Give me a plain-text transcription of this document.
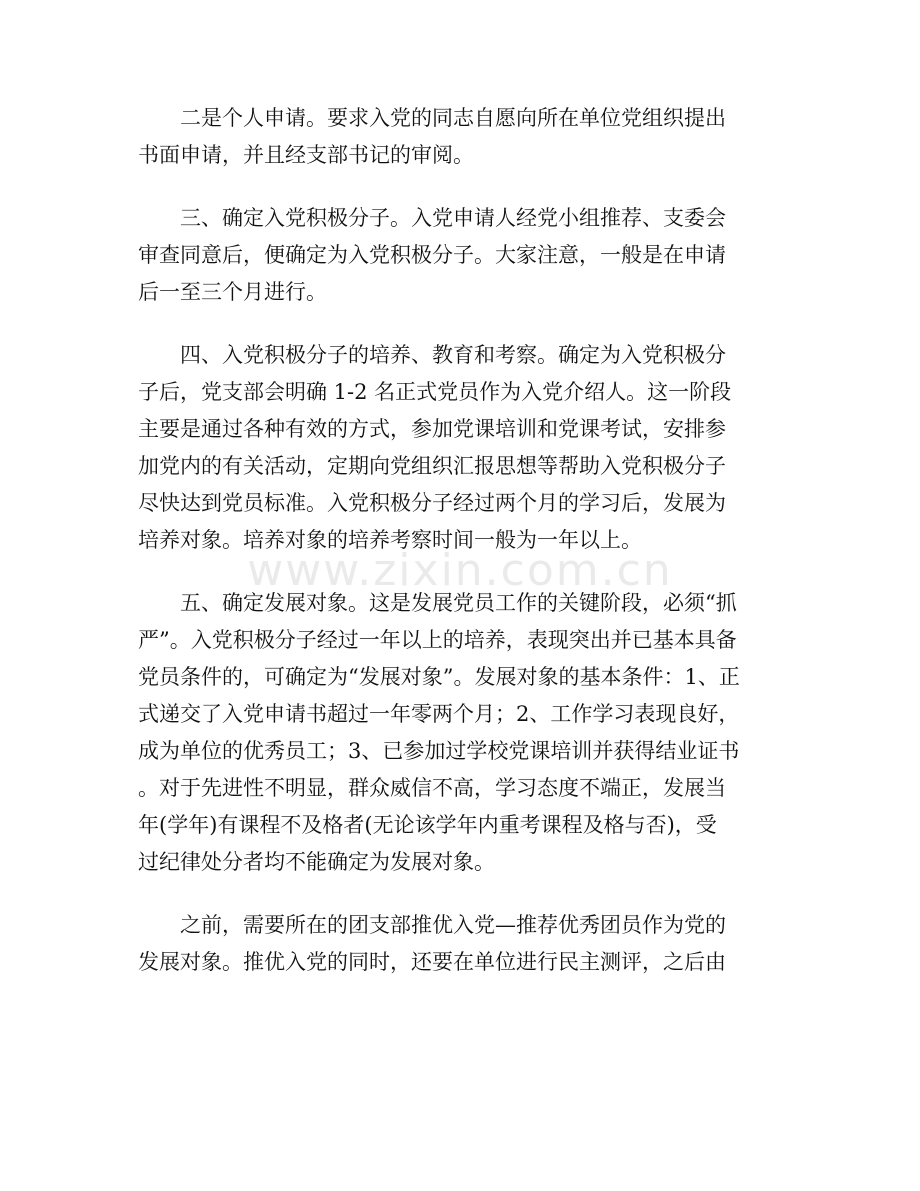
www.zixin.com.cn

　　二是个人申请。要求入党的同志自愿向所在单位党组织提出
书面申请，并且经支部书记的审阅。

　　三、确定入党积极分子。入党申请人经党小组推荐、支委会
审查同意后，便确定为入党积极分子。大家注意，一般是在申请
后一至三个月进行。

　　四、入党积极分子的培养、教育和考察。确定为入党积极分
子后，党支部会明确 1-2 名正式党员作为入党介绍人。这一阶段
主要是通过各种有效的方式，参加党课培训和党课考试，安排参
加党内的有关活动，定期向党组织汇报思想等帮助入党积极分子
尽快达到党员标准。入党积极分子经过两个月的学习后，发展为
培养对象。培养对象的培养考察时间一般为一年以上。

　　五、确定发展对象。这是发展党员工作的关键阶段，必须“抓
严”。入党积极分子经过一年以上的培养，表现突出并已基本具备
党员条件的，可确定为“发展对象”。发展对象的基本条件：1、正
式递交了入党申请书超过一年零两个月；2、工作学习表现良好，
成为单位的优秀员工；3、已参加过学校党课培训并获得结业证书
。对于先进性不明显，群众威信不高，学习态度不端正，发展当
年(学年)有课程不及格者(无论该学年内重考课程及格与否)，受
过纪律处分者均不能确定为发展对象。

　　之前，需要所在的团支部推优入党—推荐优秀团员作为党的
发展对象。推优入党的同时，还要在单位进行民主测评，之后由
